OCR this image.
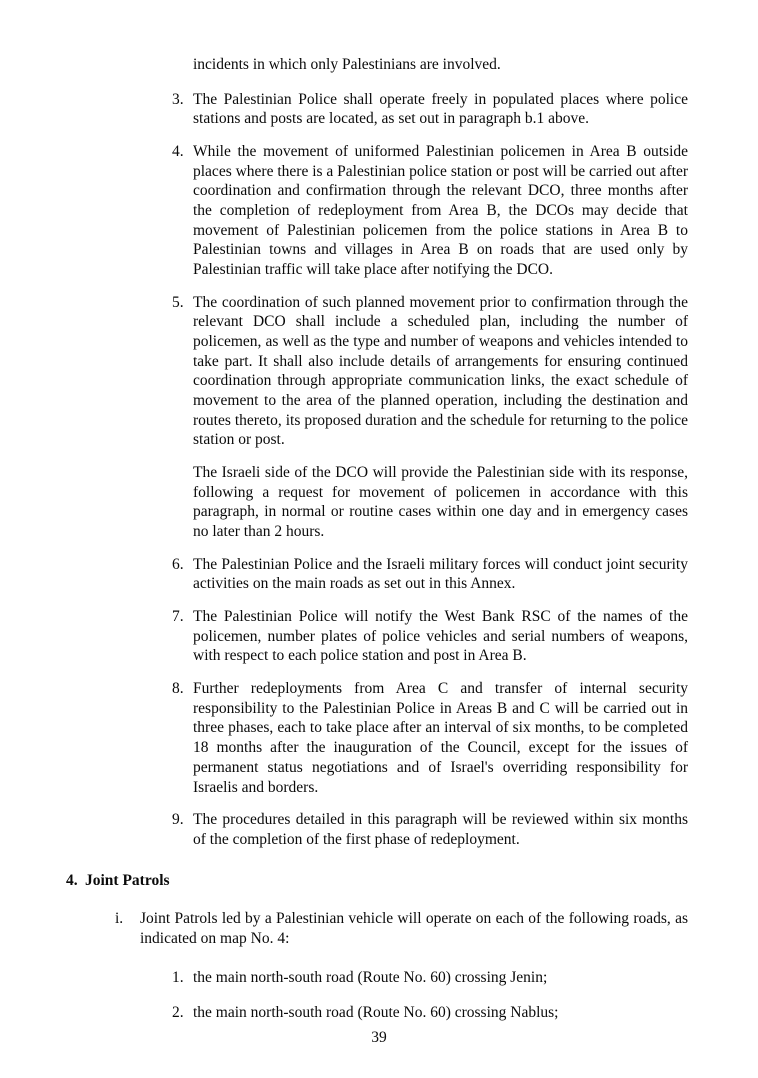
incidents in which only Palestinians are involved.

3. The Palestinian Police shall operate freely in populated places where police stations and posts are located, as set out in paragraph b.1 above.
4. While the movement of uniformed Palestinian policemen in Area B outside places where there is a Palestinian police station or post will be carried out after coordination and confirmation through the relevant DCO, three months after the completion of redeployment from Area B, the DCOs may decide that movement of Palestinian policemen from the police stations in Area B to Palestinian towns and villages in Area B on roads that are used only by Palestinian traffic will take place after notifying the DCO.
5. The coordination of such planned movement prior to confirmation through the relevant DCO shall include a scheduled plan, including the number of policemen, as well as the type and number of weapons and vehicles intended to take part. It shall also include details of arrangements for ensuring continued coordination through appropriate communication links, the exact schedule of movement to the area of the planned operation, including the destination and routes thereto, its proposed duration and the schedule for returning to the police station or post.
The Israeli side of the DCO will provide the Palestinian side with its response, following a request for movement of policemen in accordance with this paragraph, in normal or routine cases within one day and in emergency cases no later than 2 hours.
6. The Palestinian Police and the Israeli military forces will conduct joint security activities on the main roads as set out in this Annex.
7. The Palestinian Police will notify the West Bank RSC of the names of the policemen, number plates of police vehicles and serial numbers of weapons, with respect to each police station and post in Area B.
8. Further redeployments from Area C and transfer of internal security responsibility to the Palestinian Police in Areas B and C will be carried out in three phases, each to take place after an interval of six months, to be completed 18 months after the inauguration of the Council, except for the issues of permanent status negotiations and of Israel's overriding responsibility for Israelis and borders.
9. The procedures detailed in this paragraph will be reviewed within six months of the completion of the first phase of redeployment.
4. Joint Patrols
i.	Joint Patrols led by a Palestinian vehicle will operate on each of the following roads, as indicated on map No. 4:
1. the main north-south road (Route No. 60) crossing Jenin;
2. the main north-south road (Route No. 60) crossing Nablus;
39
